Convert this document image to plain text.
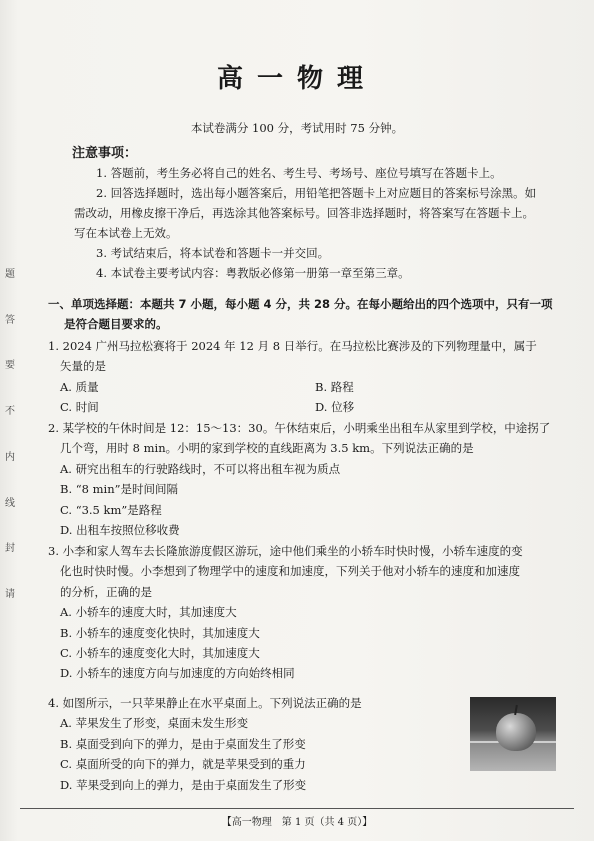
题
答
要
不
内
线
封
请
高一物理
本试卷满分 100 分，考试用时 75 分钟。
注意事项：

1. 答题前，考生务必将自己的姓名、考生号、考场号、座位号填写在答题卡上。

2. 回答选择题时，选出每小题答案后，用铅笔把答题卡上对应题目的答案标号涂黑。如需改动，用橡皮擦干净后，再选涂其他答案标号。回答非选择题时，将答案写在答题卡上。写在本试卷上无效。

3. 考试结束后，将本试卷和答题卡一并交回。

4. 本试卷主要考试内容：粤教版必修第一册第一章至第三章。

一、单项选择题：本题共 7 小题，每小题 4 分，共 28 分。在每小题给出的四个选项中，只有一项
是符合题目要求的。
1. 2024 广州马拉松赛将于 2024 年 12 月 8 日举行。在马拉松比赛涉及的下列物理量中，属于
矢量的是
A. 质量	B. 路程
C. 时间	D. 位移
2. 某学校的午休时间是 12：15～13：30。午休结束后，小明乘坐出租车从家里到学校，中途拐了
几个弯，用时 8 min。小明的家到学校的直线距离为 3.5 km。下列说法正确的是
A. 研究出租车的行驶路线时，不可以将出租车视为质点
B. “8 min”是时间间隔
C. “3.5 km”是路程
D. 出租车按照位移收费
3. 小李和家人驾车去长隆旅游度假区游玩，途中他们乘坐的小轿车时快时慢，小轿车速度的变
化也时快时慢。小李想到了物理学中的速度和加速度，下列关于他对小轿车的速度和加速度
的分析，正确的是
A. 小轿车的速度大时，其加速度大
B. 小轿车的速度变化快时，其加速度大
C. 小轿车的速度变化大时，其加速度大
D. 小轿车的速度方向与加速度的方向始终相同
4. 如图所示，一只苹果静止在水平桌面上。下列说法正确的是
A. 苹果发生了形变，桌面未发生形变
B. 桌面受到向下的弹力，是由于桌面发生了形变
C. 桌面所受的向下的弹力，就是苹果受到的重力
D. 苹果受到向上的弹力，是由于桌面发生了形变
【高一物理　第 1 页（共 4 页）】
